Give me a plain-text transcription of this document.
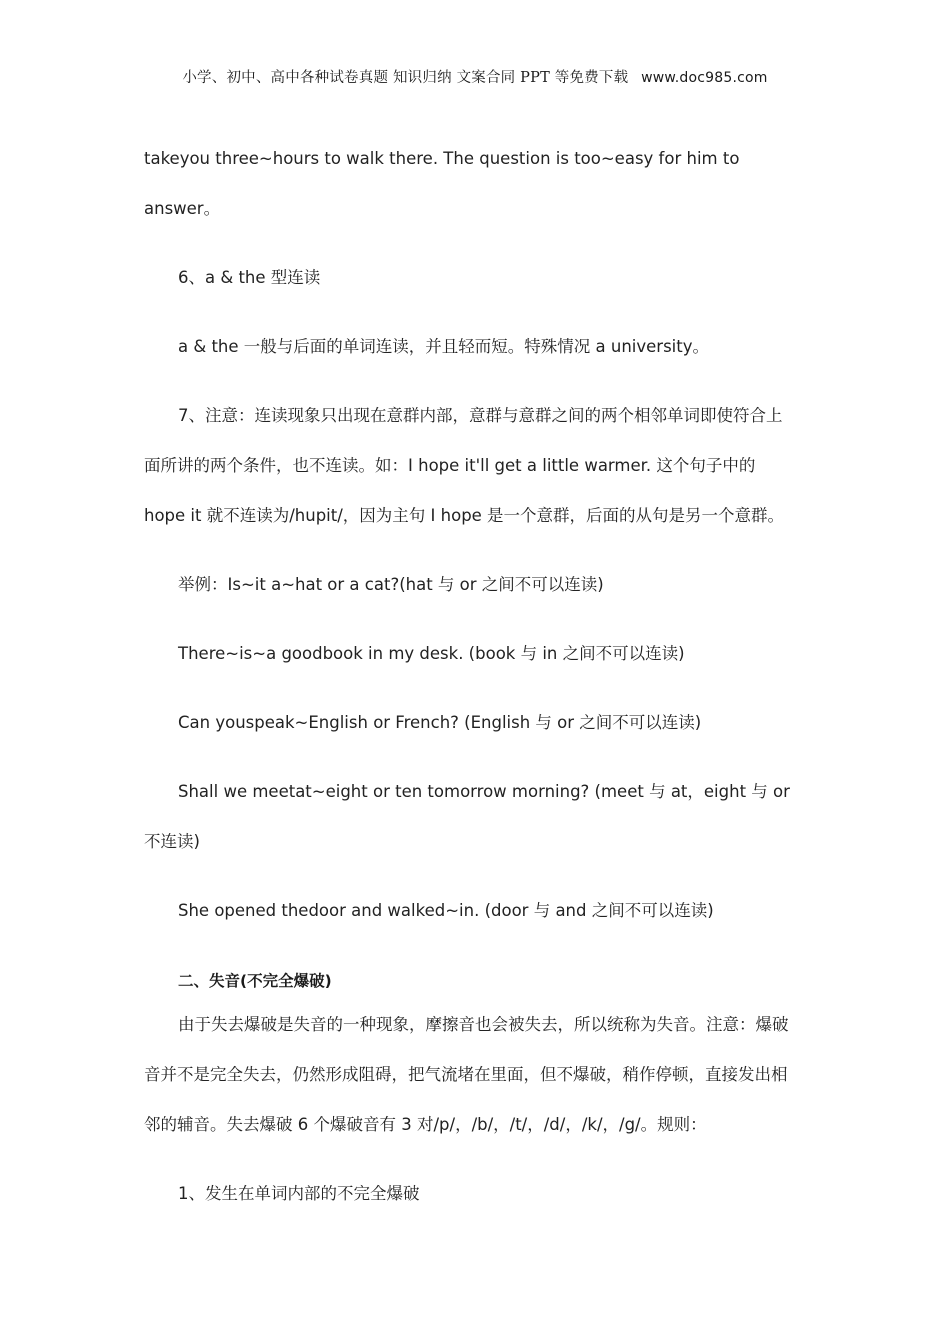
小学、初中、高中各种试卷真题 知识归纳 文案合同 PPT 等免费下载 www.doc985.com
takeyou three~hours to walk there. The question is too~easy for him to
answer。
6、a & the 型连读
a & the 一般与后面的单词连读，并且轻而短。特殊情况 a university。
7、注意：连读现象只出现在意群内部，意群与意群之间的两个相邻单词即使符合上
面所讲的两个条件，也不连读。如：I hope it'll get a little warmer. 这个句子中的
hope it 就不连读为/hupit/，因为主句 I hope 是一个意群，后面的从句是另一个意群。
举例：Is~it a~hat or a cat?(hat 与 or 之间不可以连读)
There~is~a goodbook in my desk. (book 与 in 之间不可以连读)
Can youspeak~English or French? (English 与 or 之间不可以连读)
Shall we meetat~eight or ten tomorrow morning? (meet 与 at，eight 与 or
不连读)
She opened thedoor and walked~in. (door 与 and 之间不可以连读)
二、失音(不完全爆破)
由于失去爆破是失音的一种现象，摩擦音也会被失去，所以统称为失音。注意：爆破
音并不是完全失去，仍然形成阻碍，把气流堵在里面，但不爆破，稍作停顿，直接发出相
邻的辅音。失去爆破 6 个爆破音有 3 对/p/，/b/，/t/，/d/，/k/，/g/。规则：
1、发生在单词内部的不完全爆破
